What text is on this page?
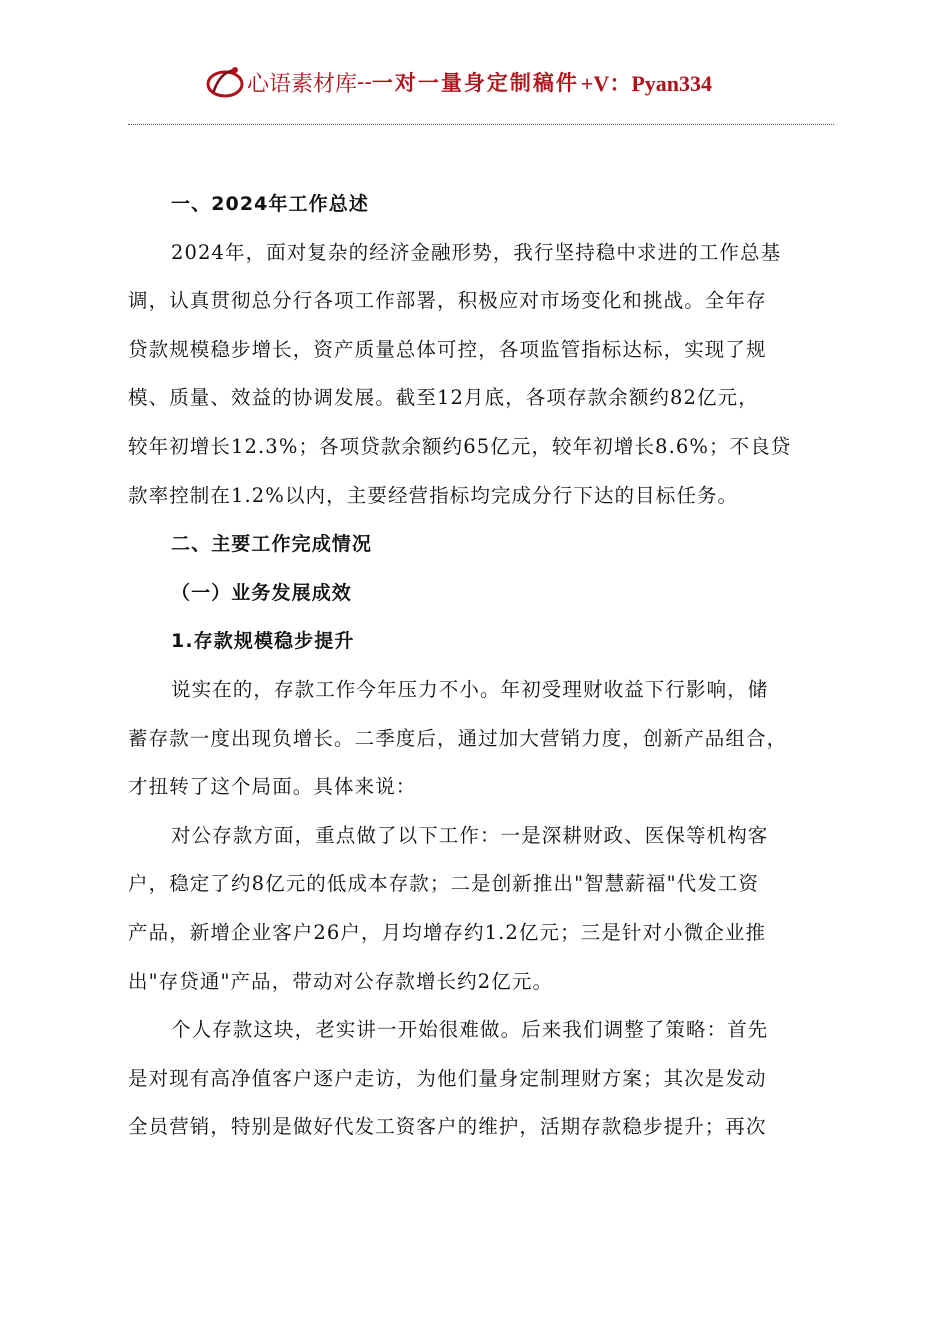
心语素材库 -- 一对一量身定制稿件 +V：Pyan334
一、2024年工作总述
2024年，面对复杂的经济金融形势，我行坚持稳中求进的工作总基
调，认真贯彻总分行各项工作部署，积极应对市场变化和挑战。全年存
贷款规模稳步增长，资产质量总体可控，各项监管指标达标，实现了规
模、质量、效益的协调发展。截至12月底，各项存款余额约82亿元，
较年初增长12.3%；各项贷款余额约65亿元，较年初增长8.6%；不良贷
款率控制在1.2%以内，主要经营指标均完成分行下达的目标任务。
二、主要工作完成情况
（一）业务发展成效
1.存款规模稳步提升
说实在的，存款工作今年压力不小。年初受理财收益下行影响，储
蓄存款一度出现负增长。二季度后，通过加大营销力度，创新产品组合，
才扭转了这个局面。具体来说：
对公存款方面，重点做了以下工作：一是深耕财政、医保等机构客
户，稳定了约8亿元的低成本存款；二是创新推出"智慧薪福"代发工资
产品，新增企业客户26户，月均增存约1.2亿元；三是针对小微企业推
出"存贷通"产品，带动对公存款增长约2亿元。
个人存款这块，老实讲一开始很难做。后来我们调整了策略：首先
是对现有高净值客户逐户走访，为他们量身定制理财方案；其次是发动
全员营销，特别是做好代发工资客户的维护，活期存款稳步提升；再次
